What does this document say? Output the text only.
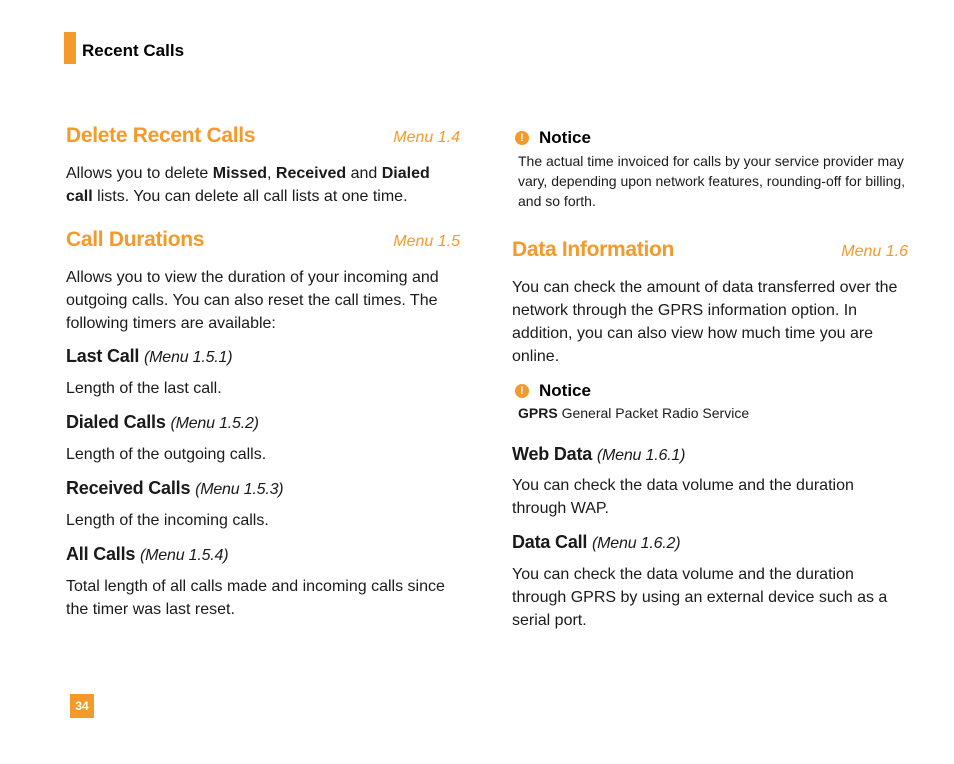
Recent Calls
Delete Recent Calls	Menu 1.4

Allows you to delete Missed, Received and Dialed call lists. You can delete all call lists at one time.

Call Durations	Menu 1.5

Allows you to view the duration of your incoming and outgoing calls. You can also reset the call times. The following timers are available:

Last Call (Menu 1.5.1)

Length of the last call.

Dialed Calls (Menu 1.5.2)

Length of the outgoing calls.

Received Calls (Menu 1.5.3)

Length of the incoming calls.

All Calls (Menu 1.5.4)

Total length of all calls made and incoming calls since the timer was last reset.

! Notice

The actual time invoiced for calls by your service provider may vary, depending upon network features, rounding-off for billing, and so forth.

Data Information	Menu 1.6

You can check the amount of data transferred over the network through the GPRS information option. In addition, you can also view how much time you are online.

! Notice

GPRS General Packet Radio Service

Web Data (Menu 1.6.1)

You can check the data volume and the duration through WAP.

Data Call (Menu 1.6.2)

You can check the data volume and the duration through GPRS by using an external device such as a serial port.

34
